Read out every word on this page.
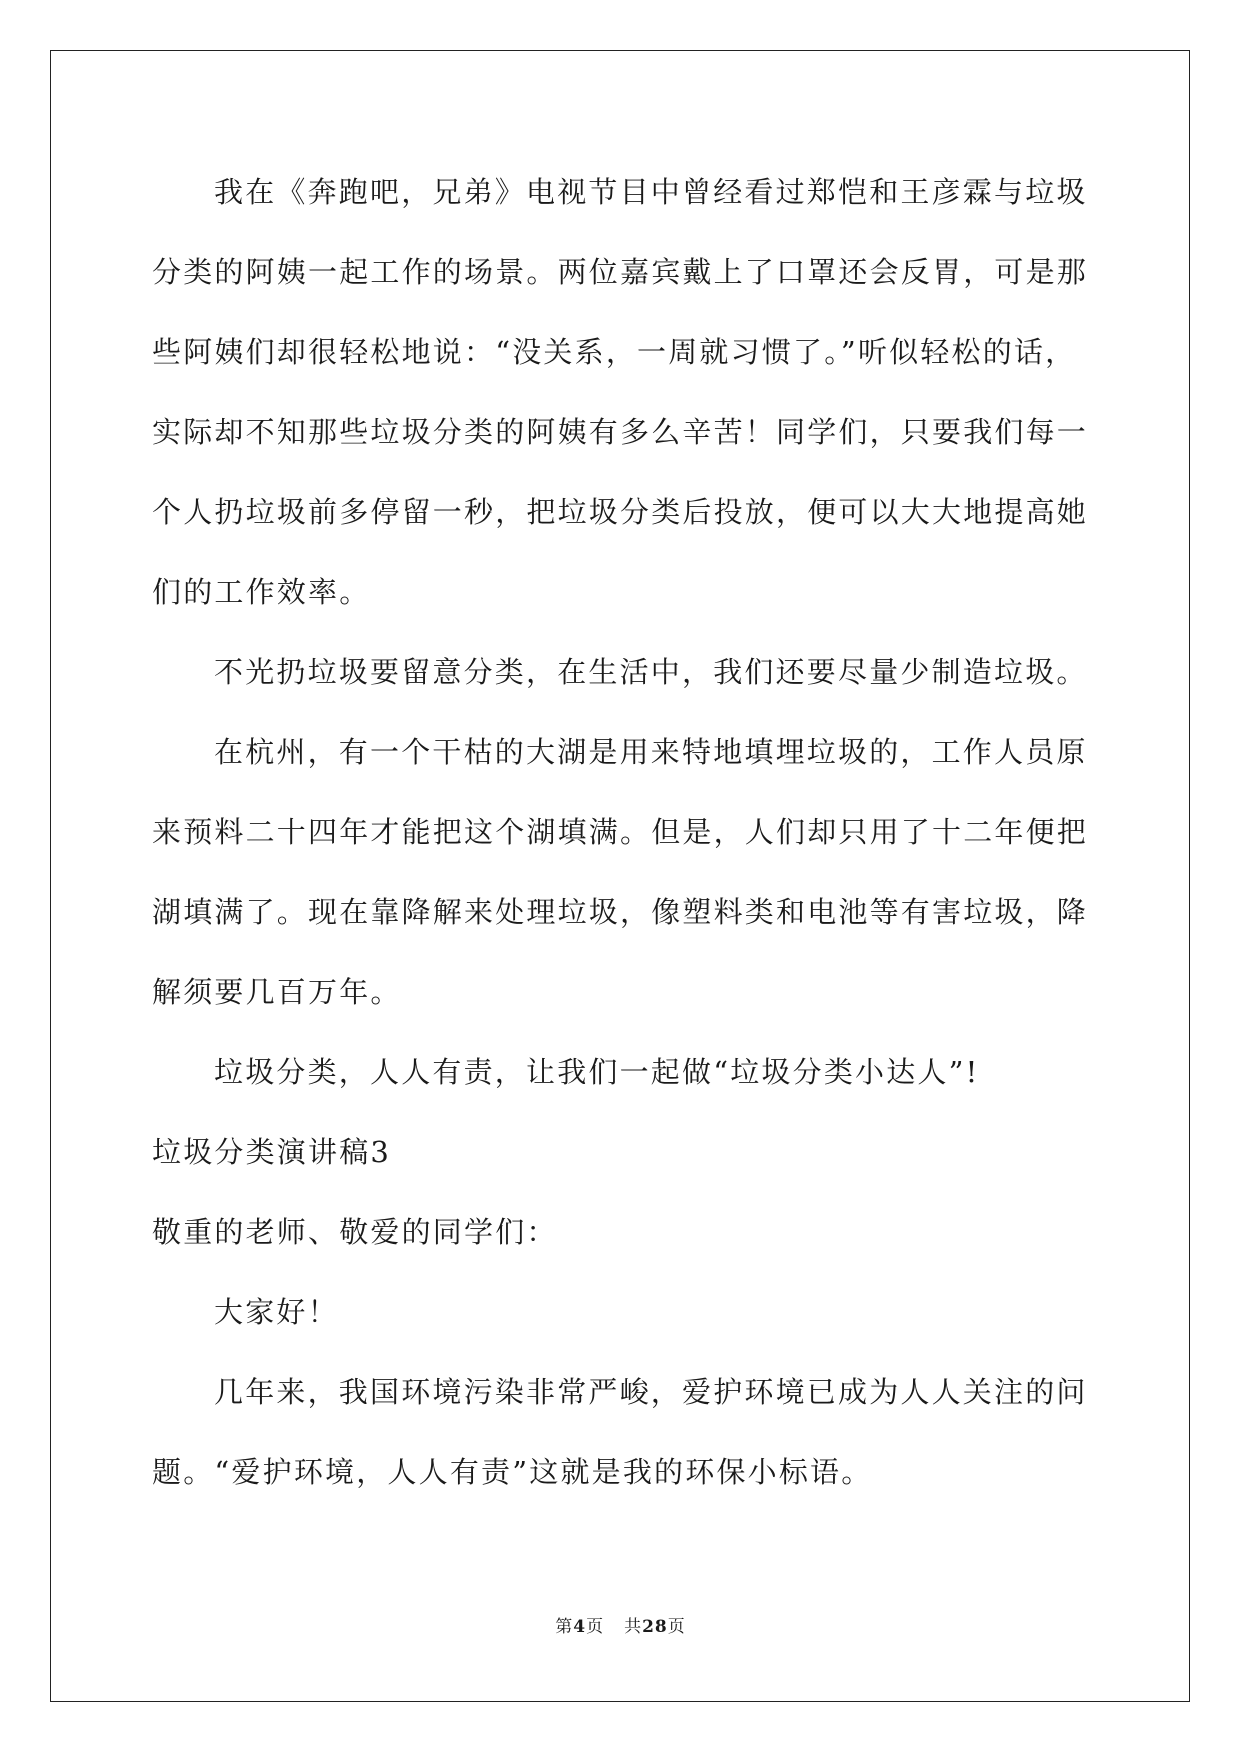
我在《奔跑吧，兄弟》电视节目中曾经看过郑恺和王彦霖与垃圾
分类的阿姨一起工作的场景。两位嘉宾戴上了口罩还会反胃，可是那
些阿姨们却很轻松地说：“没关系，一周就习惯了。”听似轻松的话，
实际却不知那些垃圾分类的阿姨有多么辛苦！同学们，只要我们每一
个人扔垃圾前多停留一秒，把垃圾分类后投放，便可以大大地提高她
们的工作效率。
不光扔垃圾要留意分类，在生活中，我们还要尽量少制造垃圾。
在杭州，有一个干枯的大湖是用来特地填埋垃圾的，工作人员原
来预料二十四年才能把这个湖填满。但是，人们却只用了十二年便把
湖填满了。现在靠降解来处理垃圾，像塑料类和电池等有害垃圾，降
解须要几百万年。
垃圾分类，人人有责，让我们一起做“垃圾分类小达人”!
垃圾分类演讲稿3
敬重的老师、敬爱的同学们：
大家好！
几年来，我国环境污染非常严峻，爱护环境已成为人人关注的问
题。“爱护环境，人人有责”这就是我的环保小标语。
第4页 共28页
